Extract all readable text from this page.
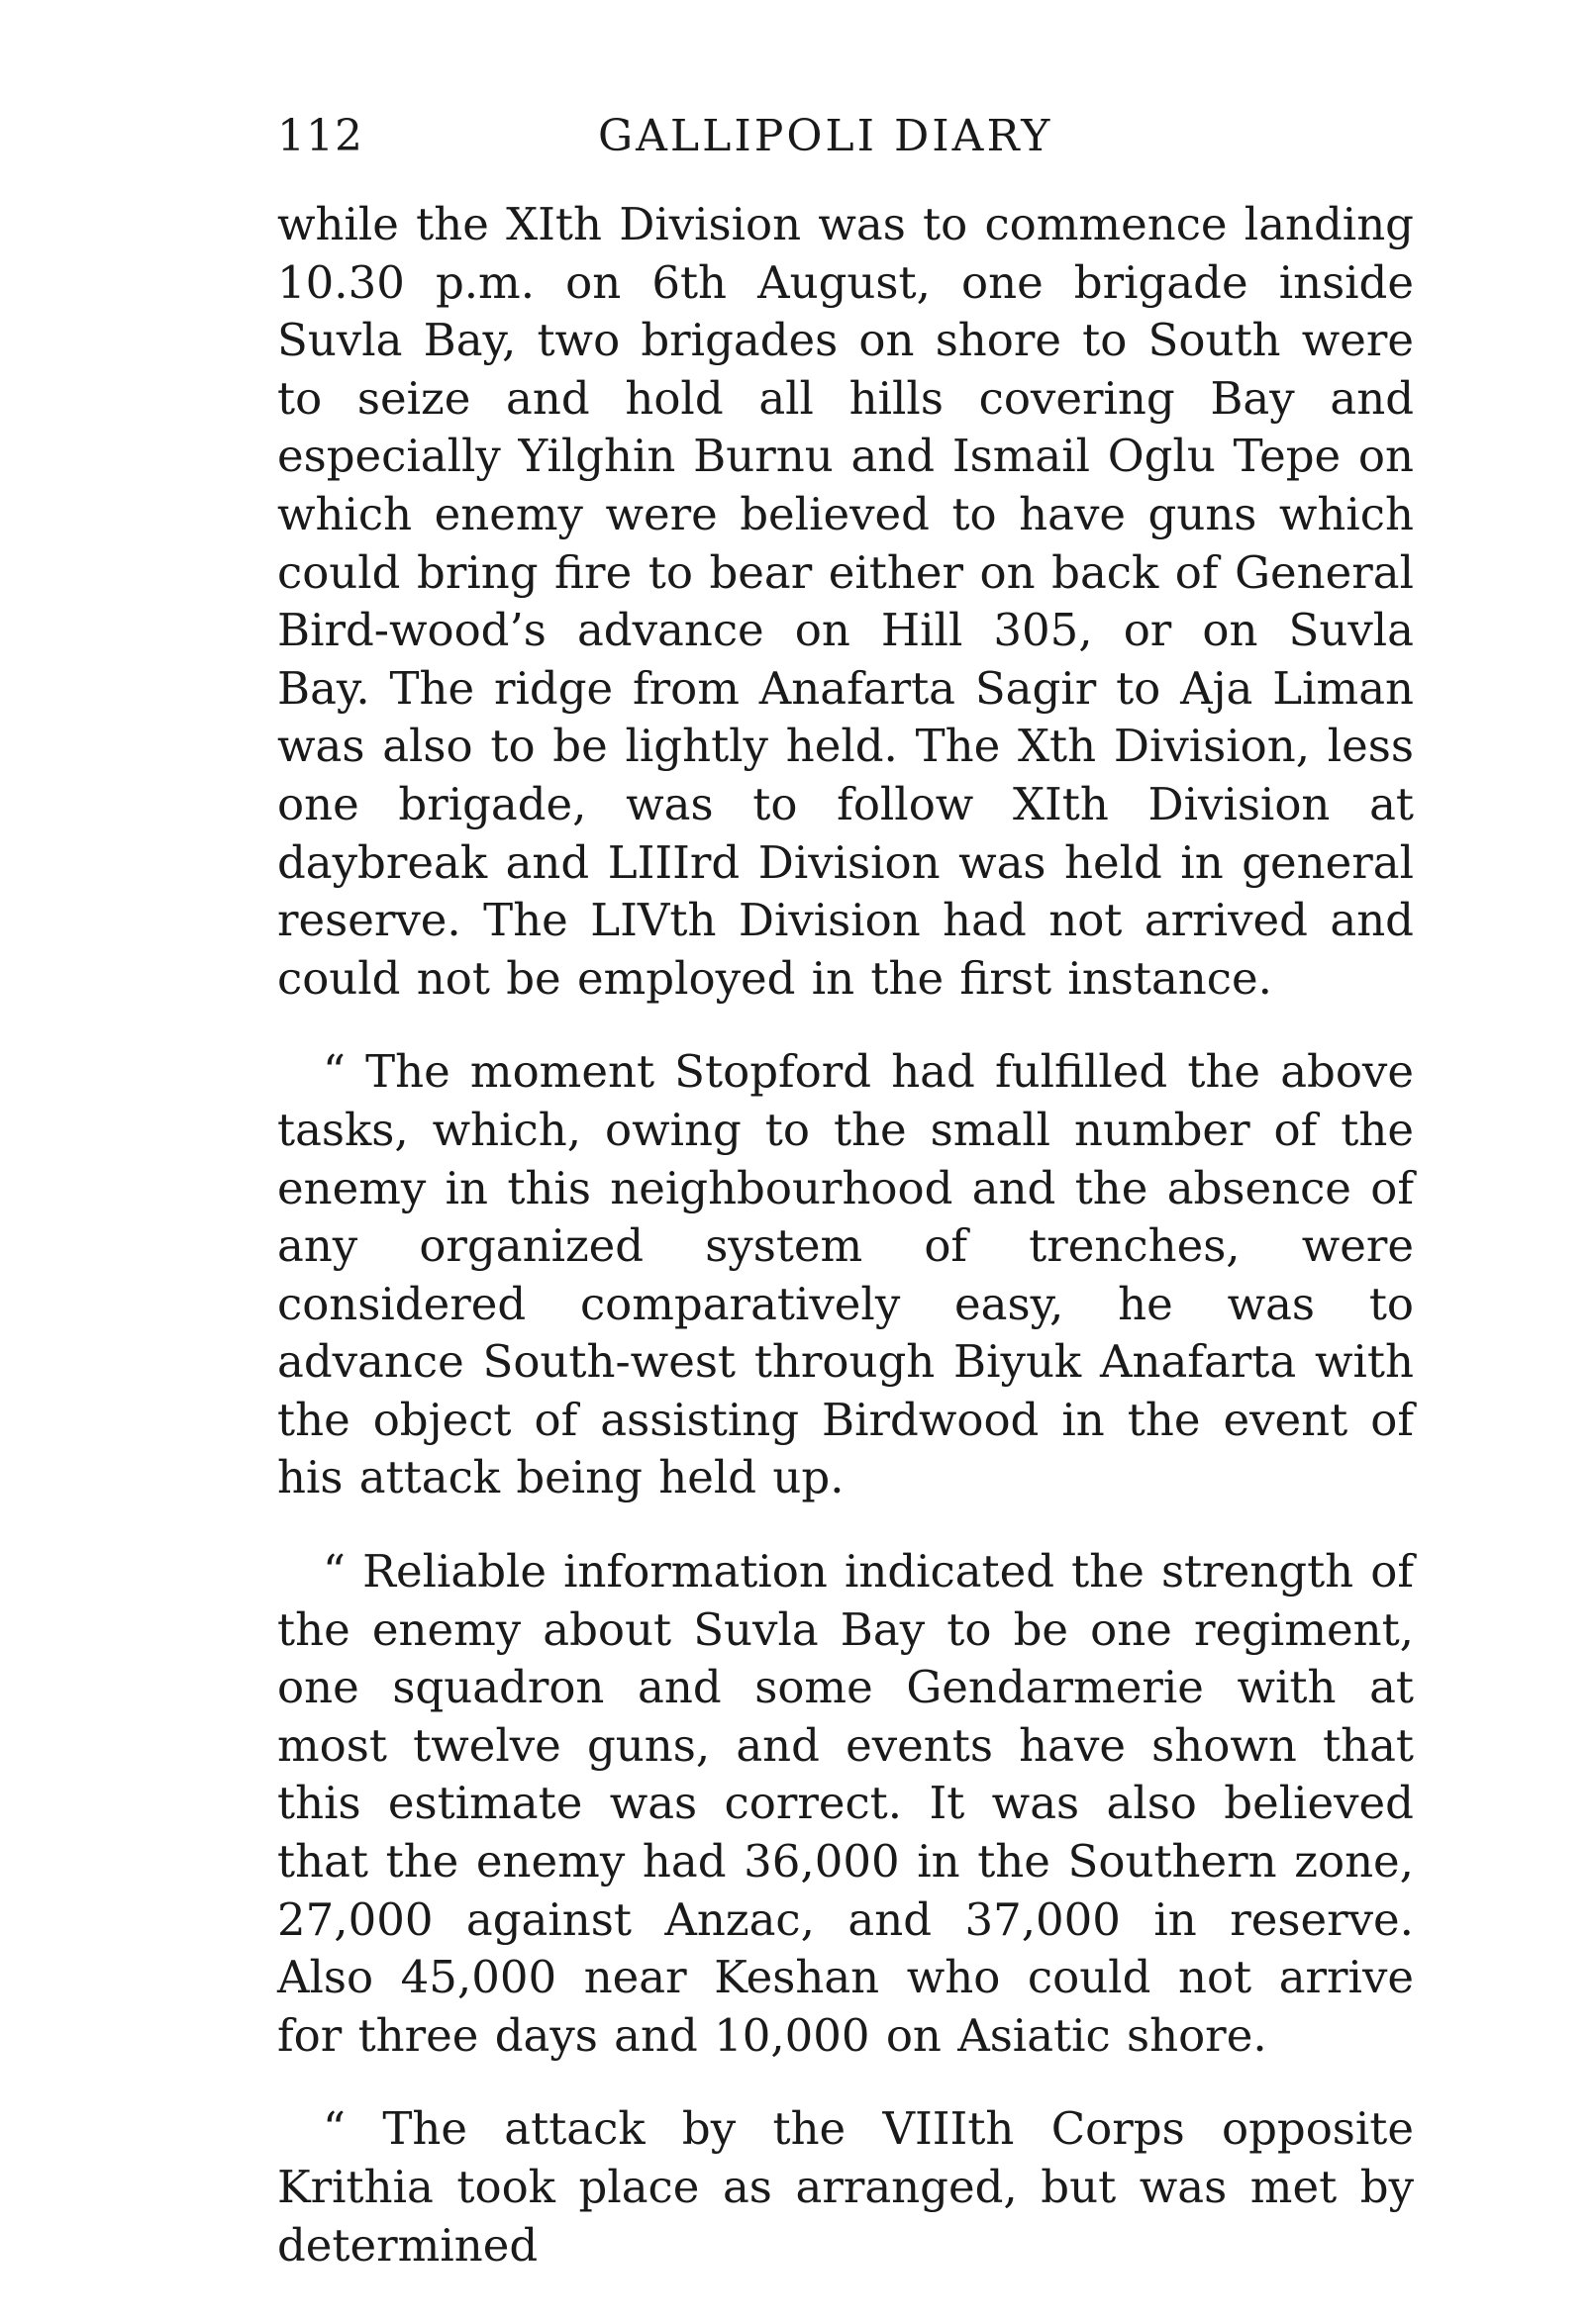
112	GALLIPOLI DIARY

while the XIth Division was to commence landing 10.30 p.m. on 6th August, one brigade inside Suvla Bay, two brigades on shore to South were to seize and hold all hills covering Bay and especially Yilghin Burnu and Ismail Oglu Tepe on which enemy were believed to have guns which could bring fire to bear either on back of General Bird-wood’s advance on Hill 305, or on Suvla Bay. The ridge from Anafarta Sagir to Aja Liman was also to be lightly held. The Xth Division, less one brigade, was to follow XIth Division at daybreak and LIIIrd Division was held in general reserve. The LIVth Division had not arrived and could not be employed in the first instance.

“ The moment Stopford had fulfilled the above tasks, which, owing to the small number of the enemy in this neighbourhood and the absence of any organized system of trenches, were considered comparatively easy, he was to advance South-west through Biyuk Anafarta with the object of assisting Birdwood in the event of his attack being held up.

“ Reliable information indicated the strength of the enemy about Suvla Bay to be one regiment, one squadron and some Gendarmerie with at most twelve guns, and events have shown that this estimate was correct. It was also believed that the enemy had 36,000 in the Southern zone, 27,000 against Anzac, and 37,000 in reserve. Also 45,000 near Keshan who could not arrive for three days and 10,000 on Asiatic shore.

“ The attack by the VIIIth Corps opposite Krithia took place as arranged, but was met by determined
